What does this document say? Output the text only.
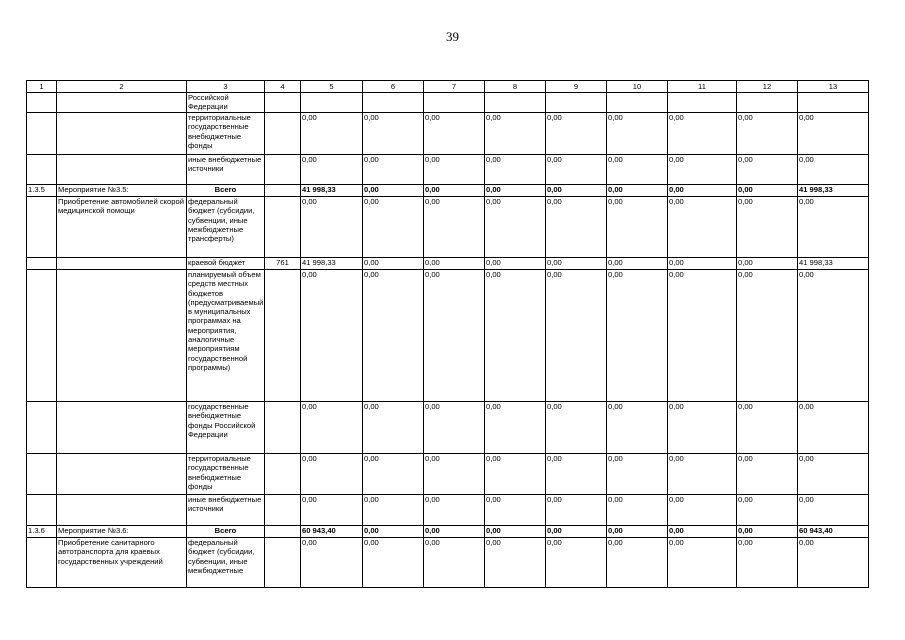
39
1	2	3	4	5	6	7	8	9	10	11	12	13
		Российской Федерации										
		территориальные государственные внебюджетные фонды		0,00	0,00	0,00	0,00	0,00	0,00	0,00	0,00	0,00
		иные внебюджетные источники		0,00	0,00	0,00	0,00	0,00	0,00	0,00	0,00	0,00
1.3.5	Мероприятие №3.5:	Всего		41 998,33	0,00	0,00	0,00	0,00	0,00	0,00	0,00	41 998,33
	Приобретение автомобилей скорой медицинской помощи	федеральный бюджет (субсидии, субвенции, иные межбюджетные трансферты)		0,00	0,00	0,00	0,00	0,00	0,00	0,00	0,00	0,00
		краевой бюджет	761	41 998,33	0,00	0,00	0,00	0,00	0,00	0,00	0,00	41 998,33
		планируемый объем средств местных бюджетов (предусматриваемый в муниципальных программах на мероприятия, аналогичные мероприятиям государственной программы)		0,00	0,00	0,00	0,00	0,00	0,00	0,00	0,00	0,00
		государственные внебюджетные фонды Российской Федерации		0,00	0,00	0,00	0,00	0,00	0,00	0,00	0,00	0,00
		территориальные государственные внебюджетные фонды		0,00	0,00	0,00	0,00	0,00	0,00	0,00	0,00	0,00
		иные внебюджетные источники		0,00	0,00	0,00	0,00	0,00	0,00	0,00	0,00	0,00
1.3.6	Мероприятие №3.6:	Всего		60 943,40	0,00	0,00	0,00	0,00	0,00	0,00	0,00	60 943,40
	Приобретение санитарного автотранспорта для краевых государственных учреждений	федеральный бюджет (субсидии, субвенции, иные межбюджетные		0,00	0,00	0,00	0,00	0,00	0,00	0,00	0,00	0,00
